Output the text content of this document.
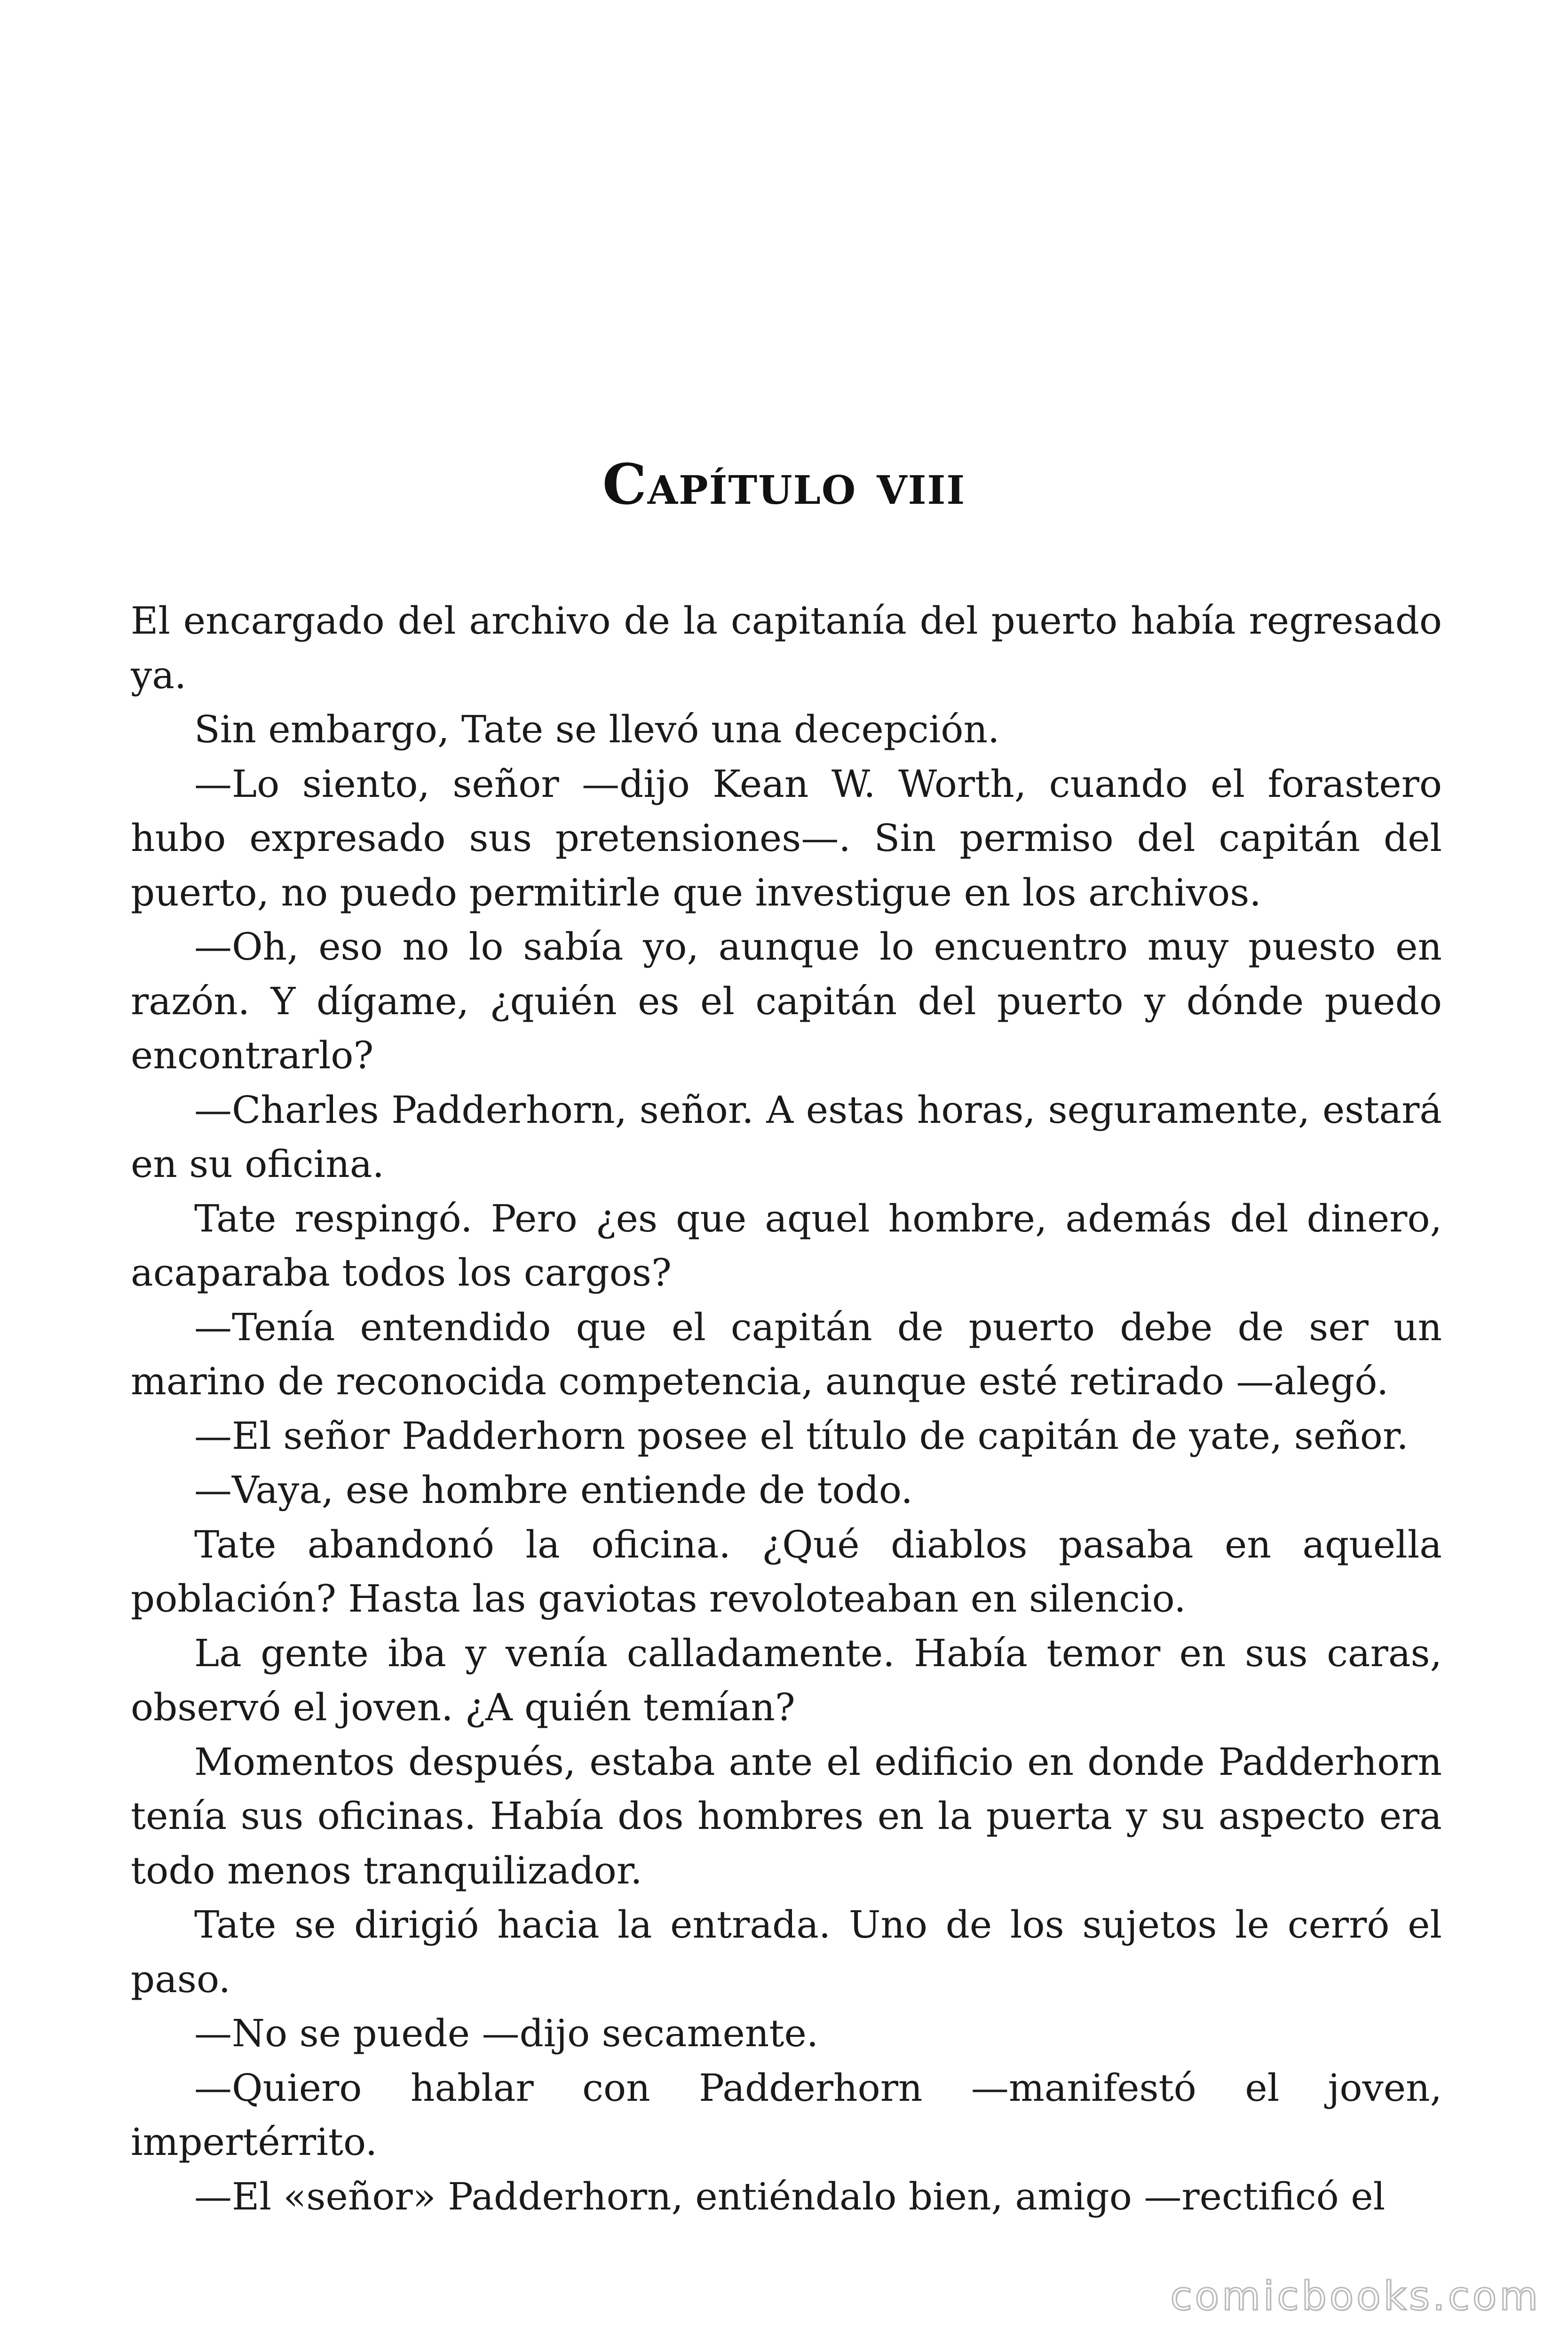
Capítulo viii

El encargado del archivo de la capitanía del puerto había regresado ya.

Sin embargo, Tate se llevó una decepción.

—Lo siento, señor —dijo Kean W. Worth, cuando el forastero hubo expresado sus pretensiones—. Sin permiso del capitán del puerto, no puedo permitirle que investigue en los archivos.

—Oh, eso no lo sabía yo, aunque lo encuentro muy puesto en razón. Y dígame, ¿quién es el capitán del puerto y dónde puedo encontrarlo?

—Charles Padderhorn, señor. A estas horas, seguramente, estará en su oficina.

Tate respingó. Pero ¿es que aquel hombre, además del dinero, acaparaba todos los cargos?

—Tenía entendido que el capitán de puerto debe de ser un marino de reconocida competencia, aunque esté retirado —alegó.

—El señor Padderhorn posee el título de capitán de yate, señor.

—Vaya, ese hombre entiende de todo.

Tate abandonó la oficina. ¿Qué diablos pasaba en aquella población? Hasta las gaviotas revoloteaban en silencio.

La gente iba y venía calladamente. Había temor en sus caras, observó el joven. ¿A quién temían?

Momentos después, estaba ante el edificio en donde Padderhorn tenía sus oficinas. Había dos hombres en la puerta y su aspecto era todo menos tranquilizador.

Tate se dirigió hacia la entrada. Uno de los sujetos le cerró el paso.

—No se puede —dijo secamente.

—Quiero hablar con Padderhorn —manifestó el joven, impertérrito.

—El «señor» Padderhorn, entiéndalo bien, amigo —rectificó el

comicbooks.com
